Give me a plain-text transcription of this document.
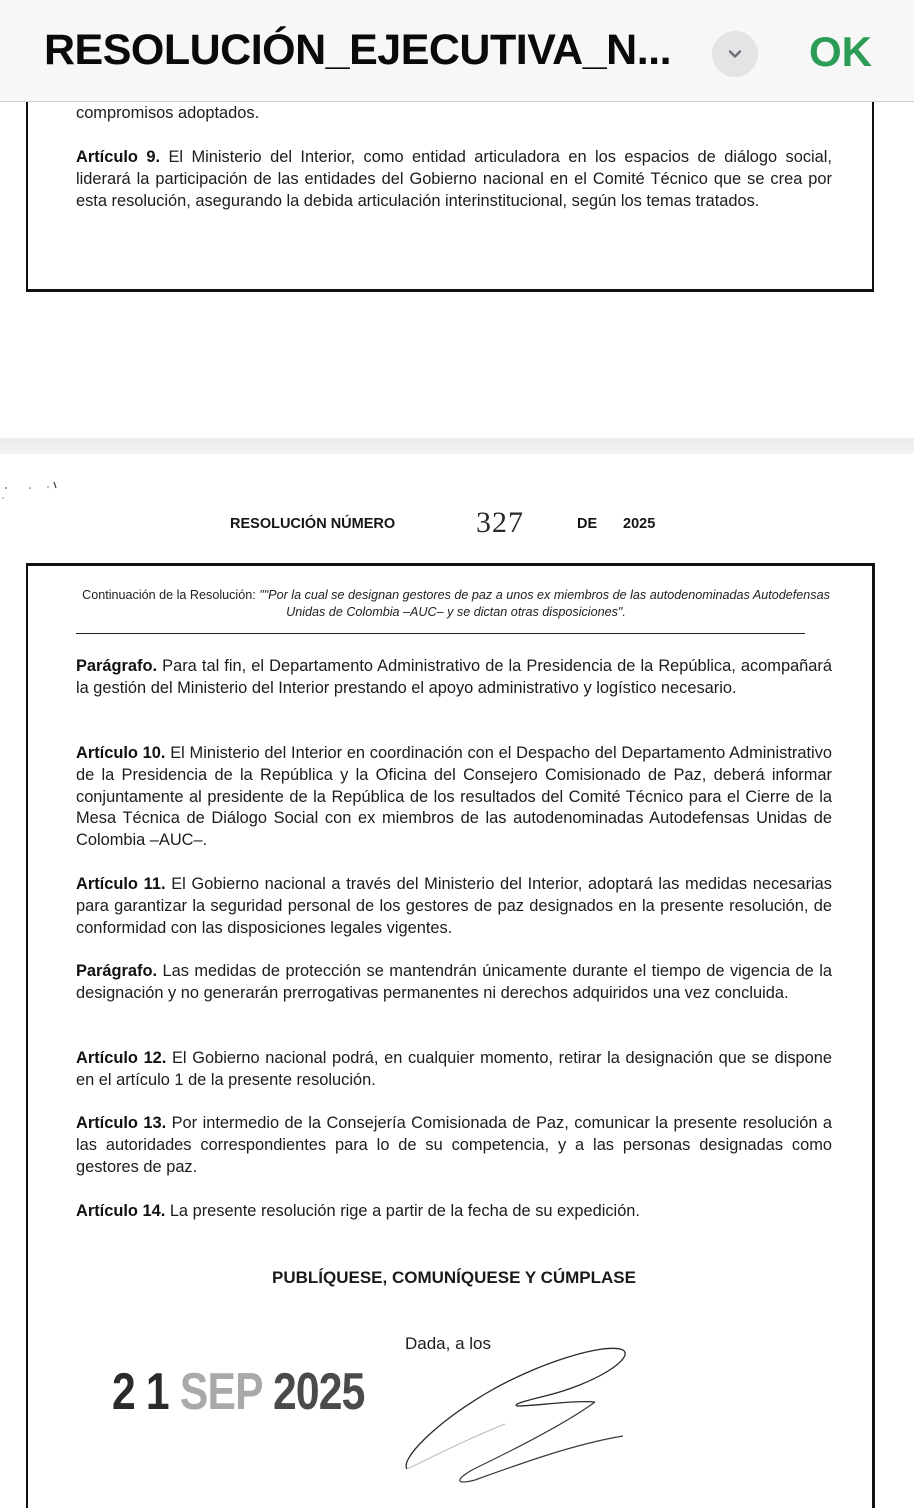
RESOLUCIÓN_EJECUTIVA_N...	OK
compromisos adoptados.
Artículo 9. El Ministerio del Interior, como entidad articuladora en los espacios de diálogo social, liderará la participación de las entidades del Gobierno nacional en el Comité Técnico que se crea por esta resolución, asegurando la debida articulación interinstitucional, según los temas tratados.
RESOLUCIÓN NÚMERO	327	DE 2025
Continuación de la Resolución: ""Por la cual se designan gestores de paz a unos ex miembros de las autodenominadas Autodefensas Unidas de Colombia –AUC– y se dictan otras disposiciones".
Parágrafo. Para tal fin, el Departamento Administrativo de la Presidencia de la República, acompañará la gestión del Ministerio del Interior prestando el apoyo administrativo y logístico necesario.
Artículo 10. El Ministerio del Interior en coordinación con el Despacho del Departamento Administrativo de la Presidencia de la República y la Oficina del Consejero Comisionado de Paz, deberá informar conjuntamente al presidente de la República de los resultados del Comité Técnico para el Cierre de la Mesa Técnica de Diálogo Social con ex miembros de las autodenominadas Autodefensas Unidas de Colombia –AUC–.
Artículo 11. El Gobierno nacional a través del Ministerio del Interior, adoptará las medidas necesarias para garantizar la seguridad personal de los gestores de paz designados en la presente resolución, de conformidad con las disposiciones legales vigentes.
Parágrafo. Las medidas de protección se mantendrán únicamente durante el tiempo de vigencia de la designación y no generarán prerrogativas permanentes ni derechos adquiridos una vez concluida.
Artículo 12. El Gobierno nacional podrá, en cualquier momento, retirar la designación que se dispone en el artículo 1 de la presente resolución.
Artículo 13. Por intermedio de la Consejería Comisionada de Paz, comunicar la presente resolución a las autoridades correspondientes para lo de su competencia, y a las personas designadas como gestores de paz.
Artículo 14. La presente resolución rige a partir de la fecha de su expedición.
PUBLÍQUESE, COMUNÍQUESE Y CÚMPLASE
Dada, a los
2 1 SEP 2025
